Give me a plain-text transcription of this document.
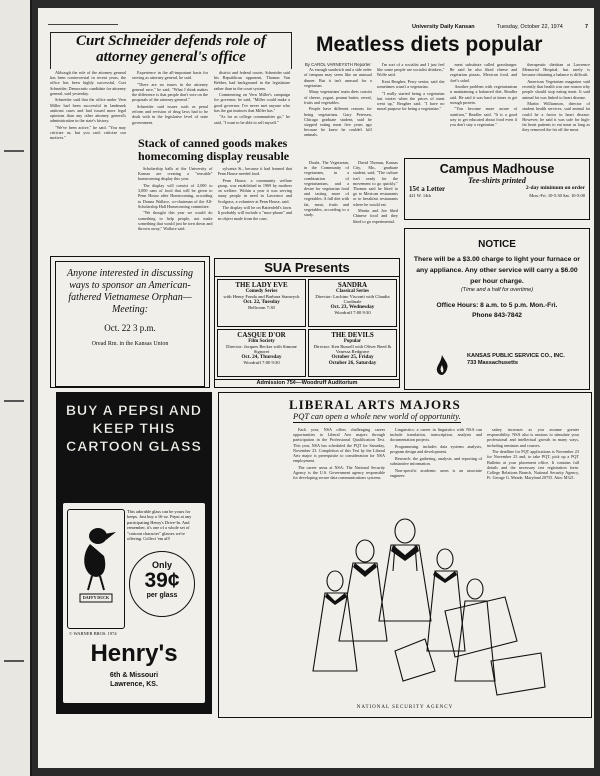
University Daily Kansan	Tuesday, October 22, 1974	7
Curt Schneider defends role of attorney general's office

Although the role of the attorney general has been controversial in recent years, the office has been highly successful, Curt Schneider, Democratic candidate for attorney general, said yesterday.

Schneider said that the office under Vern Miller had been successful in landmark antitrust cases and had issued more legal opinions than any other attorney general's administration in the state's history.

"We've been active," he said. "You may criticize us, but you can't criticize our motives."

Experience in the all-important basis for serving as attorney general, he said.

"There are no issues in the attorney general race," he said. "What I think makes the difference is that people don't vote on the proposals of the attorney general."

Schneider said issues such as penal reform and revision of drug laws had to be dealt with in the legislative level of state government.

district and federal courts. Schneider said his Republican opponent, Thomas Van Bebber, had background in the legislature rather than in the court system.

Commenting on Vern Miller's campaign for governor, he said, "Miller could make a good governor. I've never met anyone who has the gut instincts that Miller has."

"As far as college communities go," he said, "I want to be able to sell myself."

Stack of canned goods makes homecoming display reusable

Scholarship halls at the University of Kansas are creating a "reusable" homecoming display this year.

The display will consist of 2,000 to 3,000 cans of food that will be given to Penn House after Homecoming, according to Donna Wallace, co-chairman of the All-Scholarship Hall Homecoming committee.

"We thought this year we would do something to help people, not make something that would just be torn down and thrown away," Wallace said.

sylvania St., because it had learned that Penn House needed food.

Penn House, a community welfare group, was established in 1969 by mothers on welfare. Within a year it was serving many people in need in Lawrence and Scolgrass, a volunteer at Penn House, said.

The display will be on Battenfeld's lawn. It probably will include a "moo-phone" and an object made from the cans.

Meatless diets popular
By CAROL VARNEYSTH Reporter

As enough sandwich and a side order of tempura may seem like an unusual dinner. But it isn't unusual for a vegetarian.

Many vegetarians' main diets consist of cheese, yogurt, peanut butter, cereal, fruits and vegetables.

People have different reasons for being vegetarians. Gary Petersen, Chicago graduate student, said he stopped eating meat five years ago because he knew he couldn't kill animals.

I'm sort of a socialist and I just feel like some people are socialist drinkers," Wolfe said.

Kent Beagher, Perry senior, said she sometimes wasn't a vegetarian.

"I really started being a vegetarian last winter when the prices of meat went up," Beagher said. "I have no moral purpose for being a vegetarian."

meat substitute called grassburger. He said he also liked cheese and vegetarian pizzas, Mexican food, and chef's salad.

Another problem with vegetarianism is maintaining a balanced diet, Beadler said. He said it was hard at times to get enough protein.

"You become more aware of nutrition," Beadler said. "It is a good way to get educated about food even if you don't stay a vegetarian."

therapeutic dietitian at Lawrence Memorial Hospital, but rarely is because obtaining a balance is difficult.

American Vegetarian magazine said recently that health was one reason why people should stop eating meat. It said animal fat was linked to heart disease.

Martin Williamson, director of student health services, said animal fat could be a factor in heart disease. However, he said it was safe for high-fat heart patients to eat meat as long as they removed the fat off the meat.

Doubt, The Vegetarian, in the Community of vegetarians, in a combination of vegetarianism, and a desire for vegetarian food and tasting more of vegetables. A full diet with fat, meat, fruits and vegetables, according to a study.

David Thomas, Kansas City, Mo., graduate student, said, "The culture isn't ready for the movement to go quickly." Thomas said he liked to go to Mexican restaurants or to breakfast restaurants where he would eat.

Martin and Joe liked Chinese food and they liked to go experimental.

Campus Madhouse
Tee-shirts printed
15¢ a Letter	2-day minimum on order
421 W. 14th	Mon.-Fri. 10-5:30 Sat. 10-5:00
NOTICE
There will be a $3.00 charge to light your furnace or any appliance. Any other service will carry a $6.00 per hour charge.
(Time and a half for overtime)
Office Hours: 8 a.m. to 5 p.m. Mon.-Fri.
Phone 843-7842
KANSAS PUBLIC SERVICE CO., INC.
733 Massachusetts
Anyone interested in discussing ways to sponsor an American-fathered Vietnamese Orphan— Meeting:
Oct. 22 3 p.m.
Oread Rm. in the Kansas Union
SUA Presents
THE LADY EVE
Comedy Series
with Henry Fonda and Barbara Stanwyck
Oct. 22, Tuesday
Bellroom 7:30
SANDRA
Classical Series
Director: Luchino Visconti with Claudia Cardinale
Oct. 23, Wednesday
Woodruff 7:00 9:30
CASQUE D'OR
Film Society
Director: Jacques Becker with Simone Signoret
Oct. 24, Thursday
Woodruff 7:00 9:30
THE DEVILS
Popular
Director: Ken Russell with Oliver Reed & Vanessa Redgrave
October 25, Friday
October 26, Saturday
Admission 75¢—Woodruff Auditorium
BUY A PEPSI AND KEEP THIS CARTOON GLASS
DAFFY DUCK
This adorable glass can be yours for keeps. Just buy a 16-oz. Pepsi at any participating Henry's Drive-In. And remember, it's one of a whole set of "cartoon character" glasses we're offering. Collect 'em all!
Only
39¢
per glass
© WARNER BROS. 1974
Henry's
6th & Missouri
Lawrence, KS.
LIBERAL ARTS MAJORS
PQT can open a whole new world of opportunity.

Each year, NSA offers challenging career opportunities to Liberal Arts majors through participation in the Professional Qualification Test. This year, NSA has scheduled the PQT for Saturday, November 23. Completion of this Test by the Liberal Arts major is prerequisite to consideration for NSA employment.

The career areas at NSA: The National Security Agency is the U.S. Government agency responsible for developing secure data communications systems.

Linguistics: a career in linguistics with NSA can include translation, transcription, analysis and documentation projects.

Programming: includes data systems analysis, program design and development.

Research: the gathering, analysis, and reporting of substantive information.

Non-specific academic areas is an associate engineer.

salary increases as you assume greater responsibility. NSA also is anxious to stimulate your professional and intellectual growth in many ways, including seminars and courses.

The deadline for PQT applications is November 23 for November 23 and, to take PQT, pick up a PQT Bulletin at your placement office. It contains full details and the necessary test registration form. College Relations Branch, National Security Agency, Ft. George G. Meade, Maryland 20755. Attn: M321.

NATIONAL SECURITY AGENCY
